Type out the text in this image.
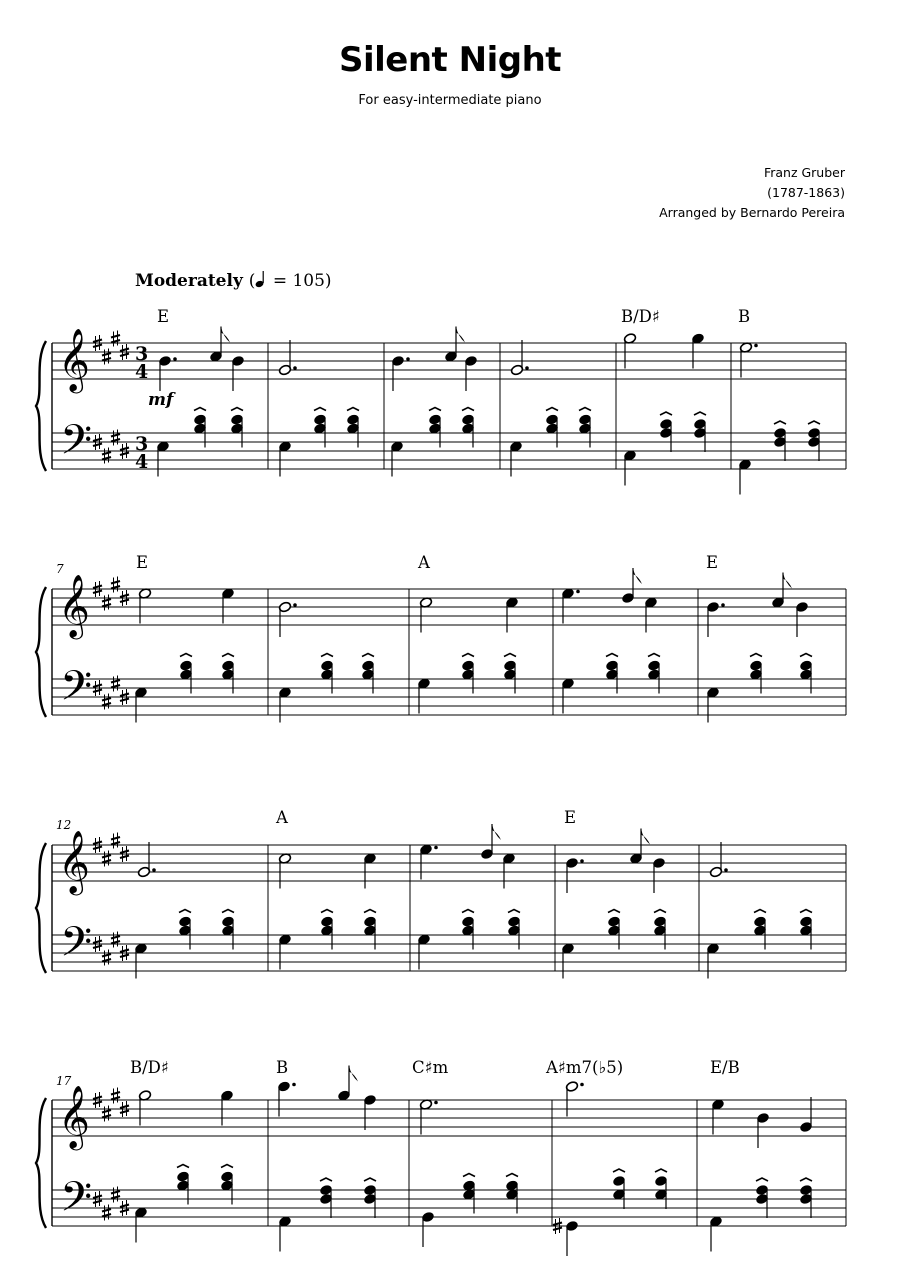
Silent Night
For easy-intermediate piano
Franz Gruber
(1787-1863)
Arranged by Bernardo Pereira
Moderately ( = 105)
E	B/D♯	B
E	A	E
A	E
B/D♯	B	C♯m	A♯m7(♭5)	E/B
7
12
17
mf
𝄞
𝄢
3
4
3
4
𝄞
𝄢
𝄞
𝄢
𝄞
𝄢
